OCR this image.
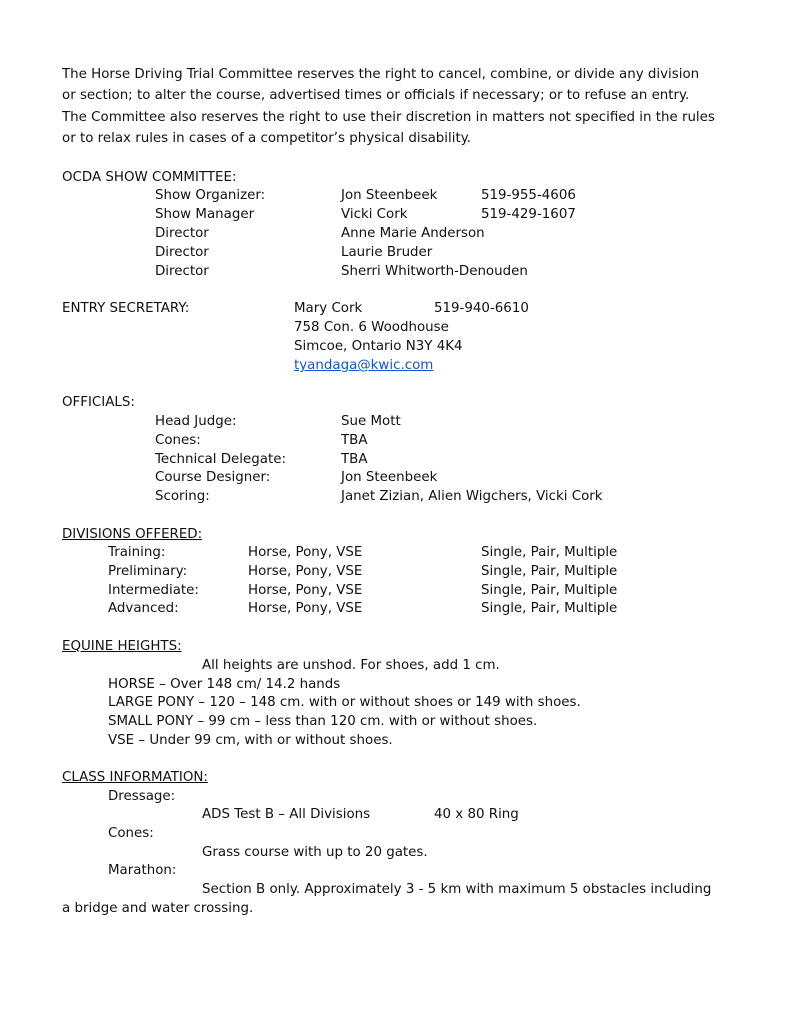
The Horse Driving Trial Committee reserves the right to cancel, combine, or divide any division
or section; to alter the course, advertised times or officials if necessary; or to refuse an entry.
The Committee also reserves the right to use their discretion in matters not specified in the rules
or to relax rules in cases of a competitor’s physical disability.
OCDA SHOW COMMITTEE:
Show Organizer:	Jon Steenbeek	519-955-4606
Show Manager	Vicki Cork	519-429-1607
Director	Anne Marie Anderson
Director	Laurie Bruder
Director	Sherri Whitworth-Denouden
ENTRY SECRETARY:	Mary Cork	519-940-6610
758 Con. 6 Woodhouse
Simcoe, Ontario N3Y 4K4
tyandaga@kwic.com
OFFICIALS:
Head Judge:	Sue Mott
Cones:	TBA
Technical Delegate:	TBA
Course Designer:	Jon Steenbeek
Scoring:	Janet Zizian, Alien Wigchers, Vicki Cork
DIVISIONS OFFERED:
Training:	Horse, Pony, VSE	Single, Pair, Multiple
Preliminary:	Horse, Pony, VSE	Single, Pair, Multiple
Intermediate:	Horse, Pony, VSE	Single, Pair, Multiple
Advanced:	Horse, Pony, VSE	Single, Pair, Multiple
EQUINE HEIGHTS:
All heights are unshod. For shoes, add 1 cm.
HORSE – Over 148 cm/ 14.2 hands
LARGE PONY – 120 – 148 cm. with or without shoes or 149 with shoes.
SMALL PONY – 99 cm – less than 120 cm. with or without shoes.
VSE – Under 99 cm, with or without shoes.
CLASS INFORMATION:
Dressage:
ADS Test B – All Divisions	40 x 80 Ring
Cones:
Grass course with up to 20 gates.
Marathon:
Section B only. Approximately 3 - 5 km with maximum 5 obstacles including
a bridge and water crossing.
